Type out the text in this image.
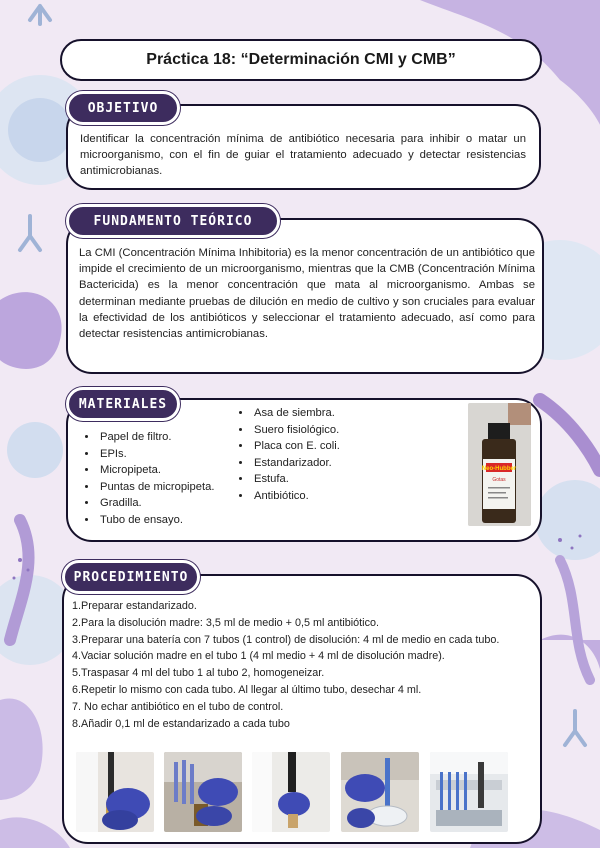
Práctica 18: “Determinación CMI y CMB”
OBJETIVO

Identificar la concentración mínima de antibiótico necesaria para inhibir o matar un microorganismo, con el fin de guiar el tratamiento adecuado y detectar resistencias antimicrobianas.

FUNDAMENTO TEÓRICO

La CMI (Concentración Mínima Inhibitoria) es la menor concentración de un antibiótico que impide el crecimiento de un microorganismo, mientras que la CMB (Concentración Mínima Bactericida) es la menor concentración que mata al microorganismo. Ambas se determinan mediante pruebas de dilución en medio de cultivo y son cruciales para evaluar la efectividad de los antibióticos y seleccionar el tratamiento adecuado, así como para detectar resistencias antimicrobianas.

MATERIALES
• Papel de filtro.
• EPIs.
• Micropipeta.
• Puntas de micropipeta.
• Gradilla.
• Tubo de ensayo.
• Asa de siembra.
• Suero fisiológico.
• Placa con E. coli.
• Estandarizador.
• Estufa.
• Antibiótico.
Neo-Hubber
Gotas
PROCEDIMIENTO
1.Preparar estandarizado.
2.Para la disolución madre: 3,5 ml de medio + 0,5 ml antibiótico.
3.Preparar una batería con 7 tubos (1 control) de disolución: 4 ml de medio en cada tubo.
4.Vaciar solución madre en el tubo 1 (4 ml medio + 4 ml de disolución madre).
5.Traspasar 4 ml del tubo 1 al tubo 2, homogeneizar.
6.Repetir lo mismo con cada tubo. Al llegar al último tubo, desechar 4 ml.
7. No echar antibiótico en el tubo de control.
8.Añadir 0,1 ml de estandarizado a cada tubo
